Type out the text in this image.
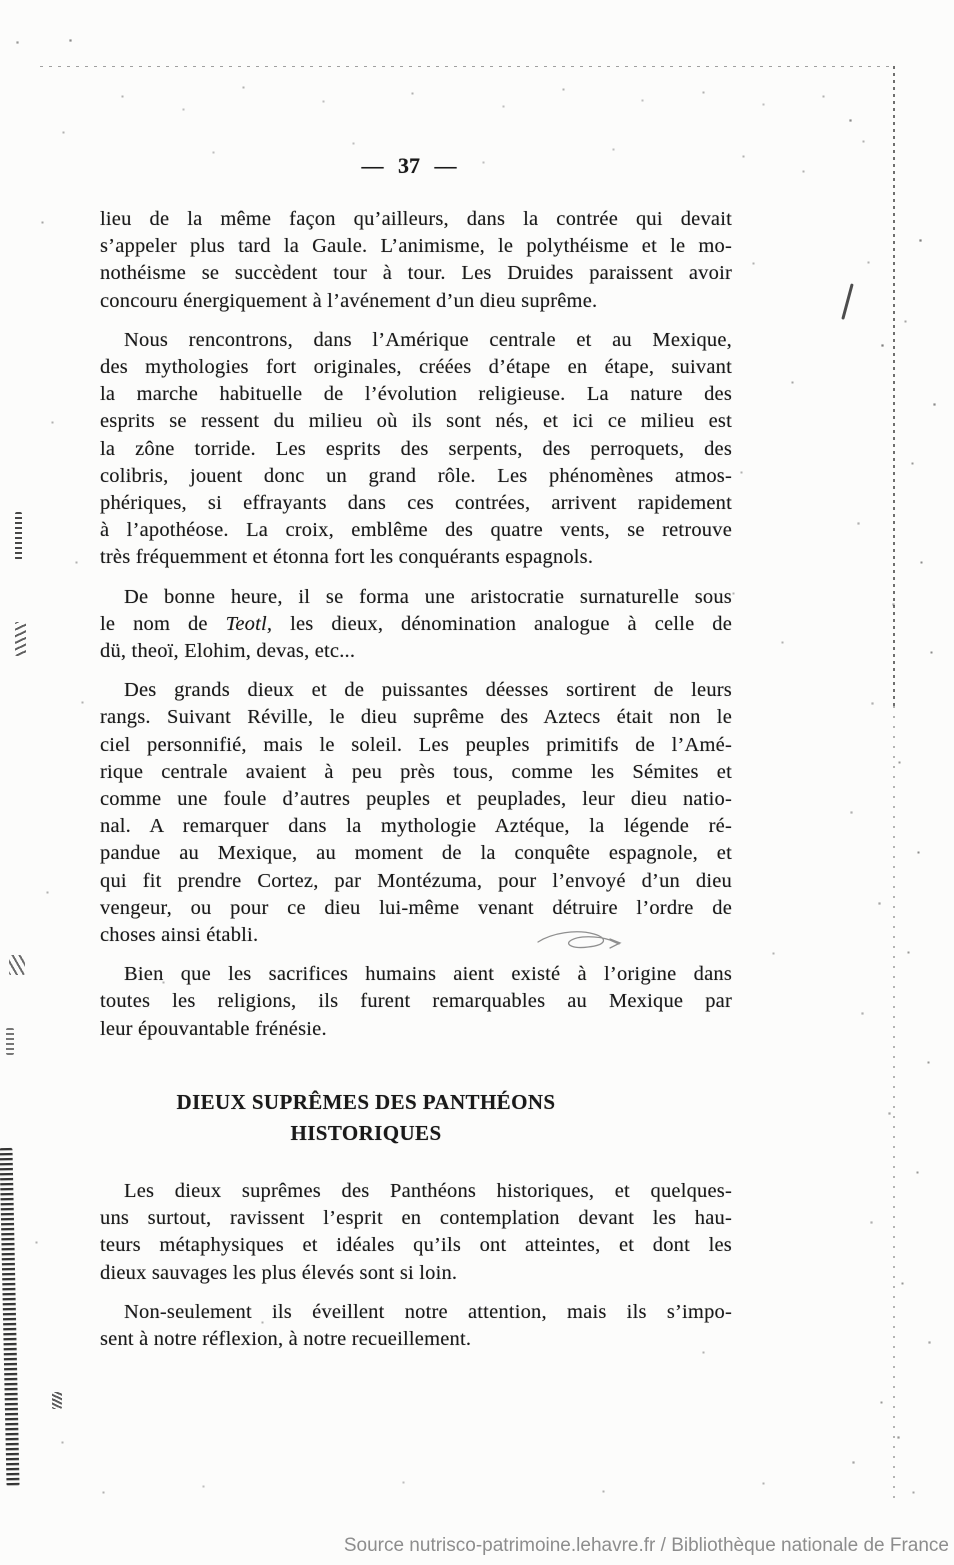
— 37 —
lieu de la même façon qu’ailleurs, dans la contrée qui devait
s’appeler plus tard la Gaule. L’animisme, le polythéisme et le mo-
nothéisme se succèdent tour à tour. Les Druides paraissent avoir
concouru énergiquement à l’avénement d’un dieu suprême.
Nous rencontrons, dans l’Amérique centrale et au Mexique,
des mythologies fort originales, créées d’étape en étape, suivant
la marche habituelle de l’évolution religieuse. La nature des
esprits se ressent du milieu où ils sont nés, et ici ce milieu est
la zône torride. Les esprits des serpents, des perroquets, des
colibris, jouent donc un grand rôle. Les phénomènes atmos-
phériques, si effrayants dans ces contrées, arrivent rapidement
à l’apothéose. La croix, emblême des quatre vents, se retrouve
très fréquemment et étonna fort les conquérants espagnols.
De bonne heure, il se forma une aristocratie surnaturelle sous
le nom de Teotl, les dieux, dénomination analogue à celle de
dü, theoï, Elohim, devas, etc...
Des grands dieux et de puissantes déesses sortirent de leurs
rangs. Suivant Réville, le dieu suprême des Aztecs était non le
ciel personnifié, mais le soleil. Les peuples primitifs de l’Amé-
rique centrale avaient à peu près tous, comme les Sémites et
comme une foule d’autres peuples et peuplades, leur dieu natio-
nal. A remarquer dans la mythologie Aztéque, la légende ré-
pandue au Mexique, au moment de la conquête espagnole, et
qui fit prendre Cortez, par Montézuma, pour l’envoyé d’un dieu
vengeur, ou pour ce dieu lui-même venant détruire l’ordre de
choses ainsi établi.
Bien que les sacrifices humains aient existé à l’origine dans
toutes les religions, ils furent remarquables au Mexique par
leur épouvantable frénésie.
DIEUX SUPRÊMES DES PANTHÉONS HISTORIQUES
Les dieux suprêmes des Panthéons historiques, et quelques-
uns surtout, ravissent l’esprit en contemplation devant les hau-
teurs métaphysiques et idéales qu’ils ont atteintes, et dont les
dieux sauvages les plus élevés sont si loin.
Non-seulement ils éveillent notre attention, mais ils s’impo-
sent à notre réflexion, à notre recueillement.
Source nutrisco-patrimoine.lehavre.fr / Bibliothèque nationale de France
